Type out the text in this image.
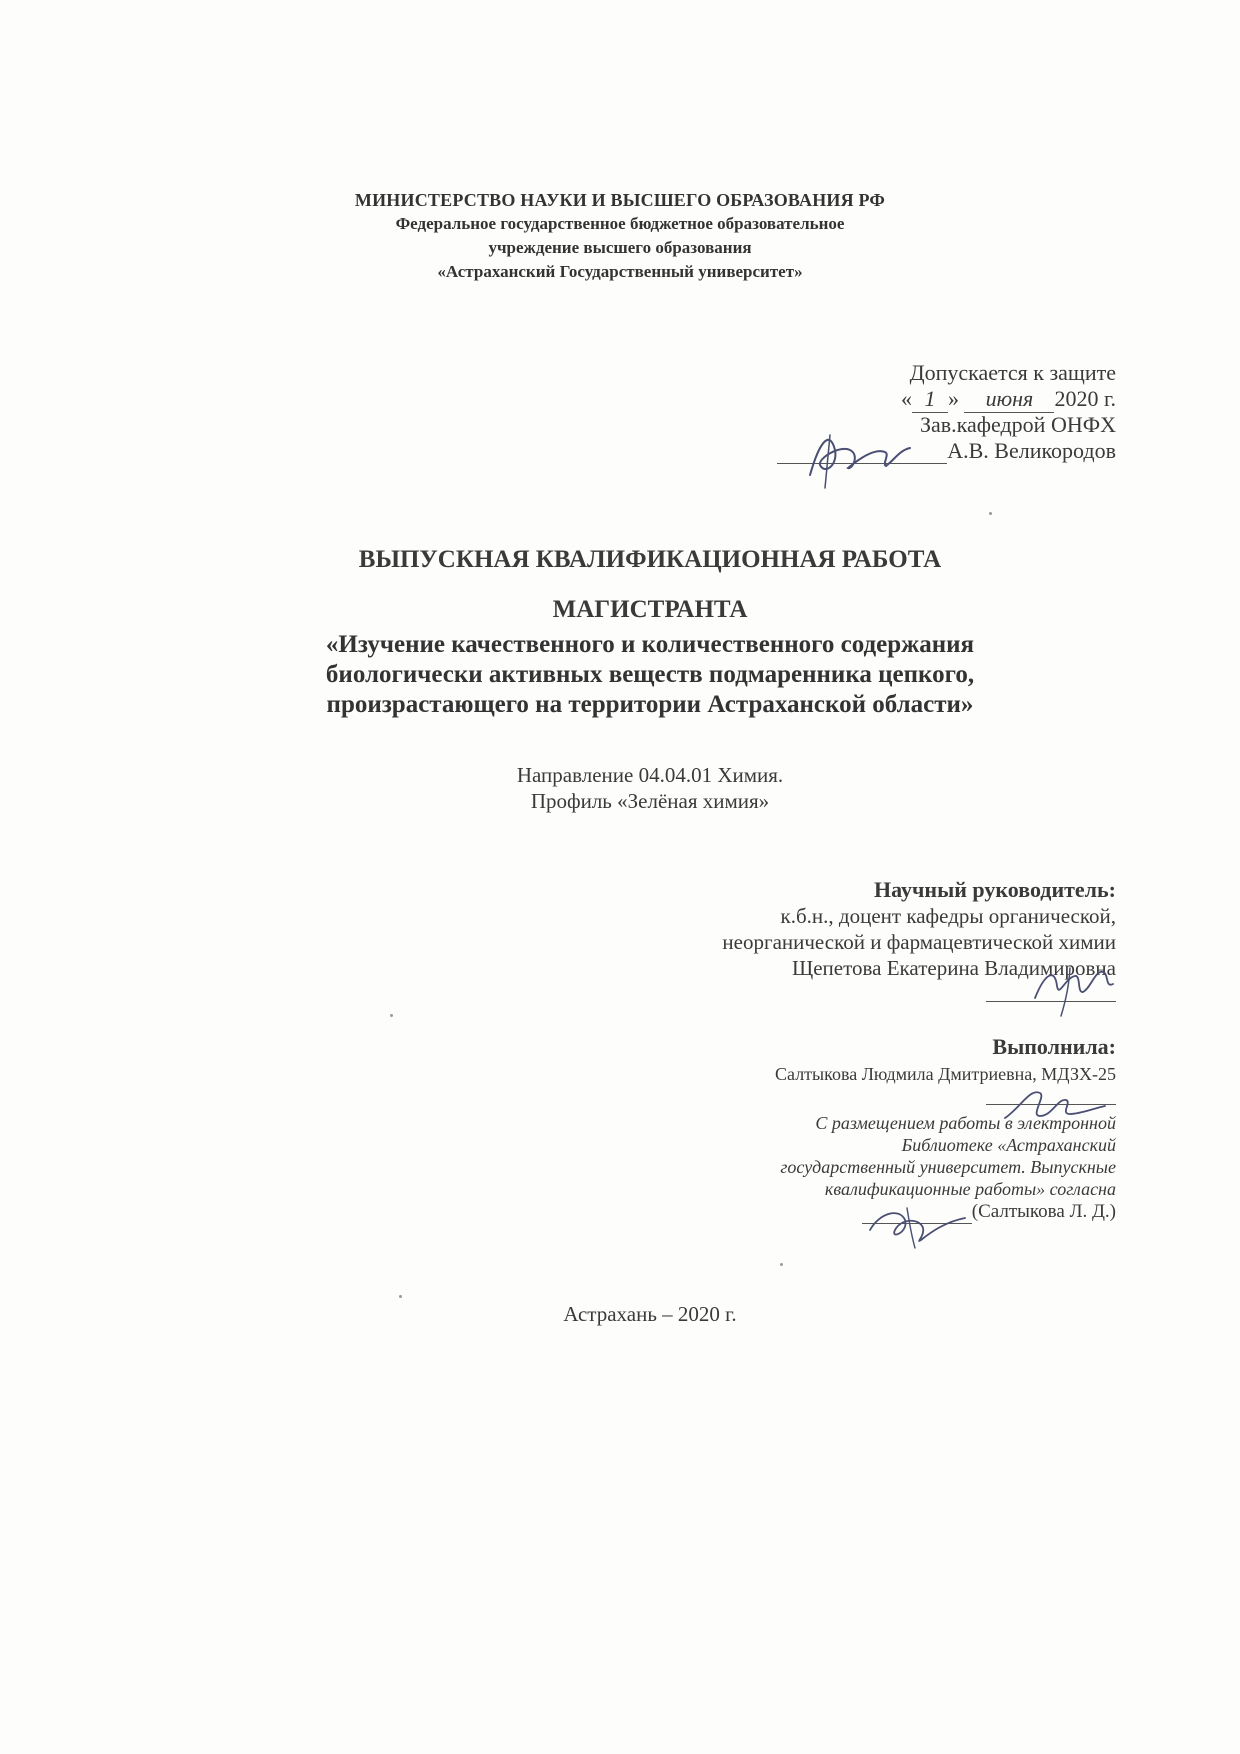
МИНИСТЕРСТВО НАУКИ И ВЫСШЕГО ОБРАЗОВАНИЯ РФ
Федеральное государственное бюджетное образовательное
учреждение высшего образования
«Астраханский Государственный университет»
Допускается к защите
« 1 » июня 2020 г.
Зав.кафедрой ОНФХ
А.В. Великородов
ВЫПУСКНАЯ КВАЛИФИКАЦИОННАЯ РАБОТА
МАГИСТРАНТА
«Изучение качественного и количественного содержания
биологически активных веществ подмаренника цепкого,
произрастающего на территории Астраханской области»
Направление 04.04.01 Химия.
Профиль «Зелёная химия»
Научный руководитель:
к.б.н., доцент кафедры органической,
неорганической и фармацевтической химии
Щепетова Екатерина Владимировна
Выполнила:
Салтыкова Людмила Дмитриевна, МДЗХ-25
С размещением работы в электронной
Библиотеке «Астраханский
государственный университет. Выпускные
квалификационные работы» согласна
(Салтыкова Л. Д.)
Астрахань – 2020 г.
